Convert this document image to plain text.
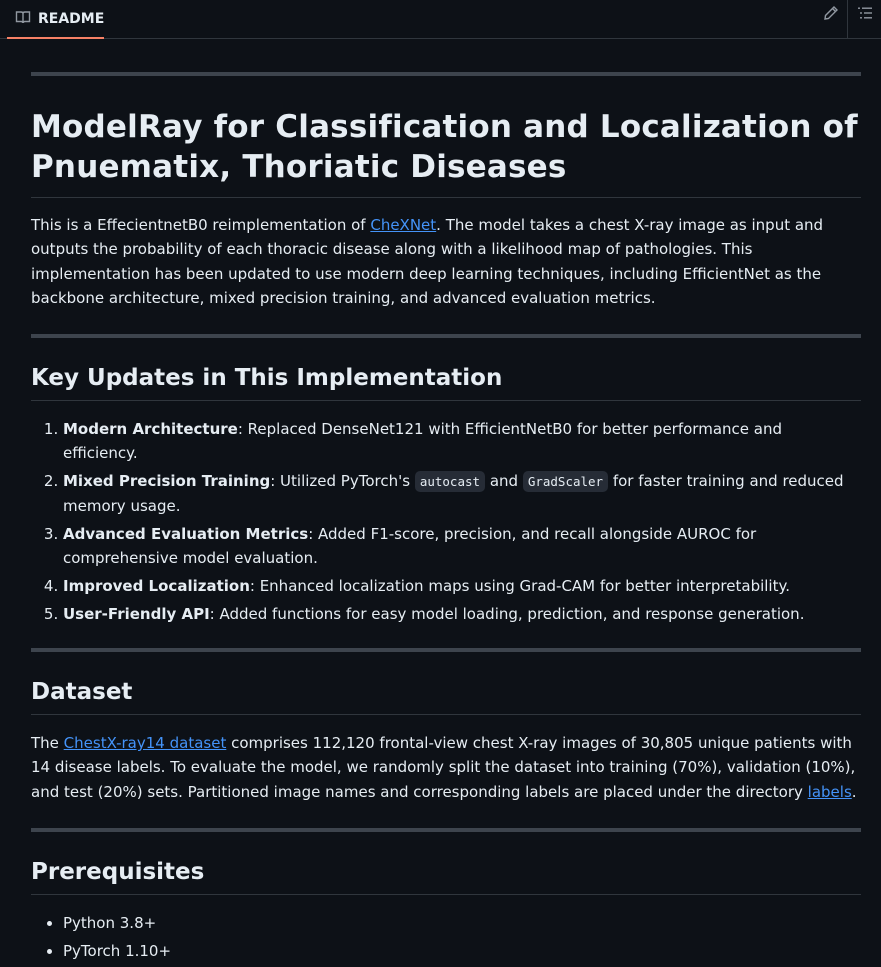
README
ModelRay for Classification and Localization of Pnuematix, Thoriatic Diseases

This is a EffecientnetB0 reimplementation of CheXNet. The model takes a chest X-ray image as input and outputs the probability of each thoracic disease along with a likelihood map of pathologies. This implementation has been updated to use modern deep learning techniques, including EfficientNet as the backbone architecture, mixed precision training, and advanced evaluation metrics.

Key Updates in This Implementation
1. Modern Architecture: Replaced DenseNet121 with EfficientNetB0 for better performance and efficiency.
2. Mixed Precision Training: Utilized PyTorch's autocast and GradScaler for faster training and reduced memory usage.
3. Advanced Evaluation Metrics: Added F1-score, precision, and recall alongside AUROC for comprehensive model evaluation.
4. Improved Localization: Enhanced localization maps using Grad-CAM for better interpretability.
5. User-Friendly API: Added functions for easy model loading, prediction, and response generation.
Dataset

The ChestX-ray14 dataset comprises 112,120 frontal-view chest X-ray images of 30,805 unique patients with 14 disease labels. To evaluate the model, we randomly split the dataset into training (70%), validation (10%), and test (20%) sets. Partitioned image names and corresponding labels are placed under the directory labels.

Prerequisites
• Python 3.8+
• PyTorch 1.10+
